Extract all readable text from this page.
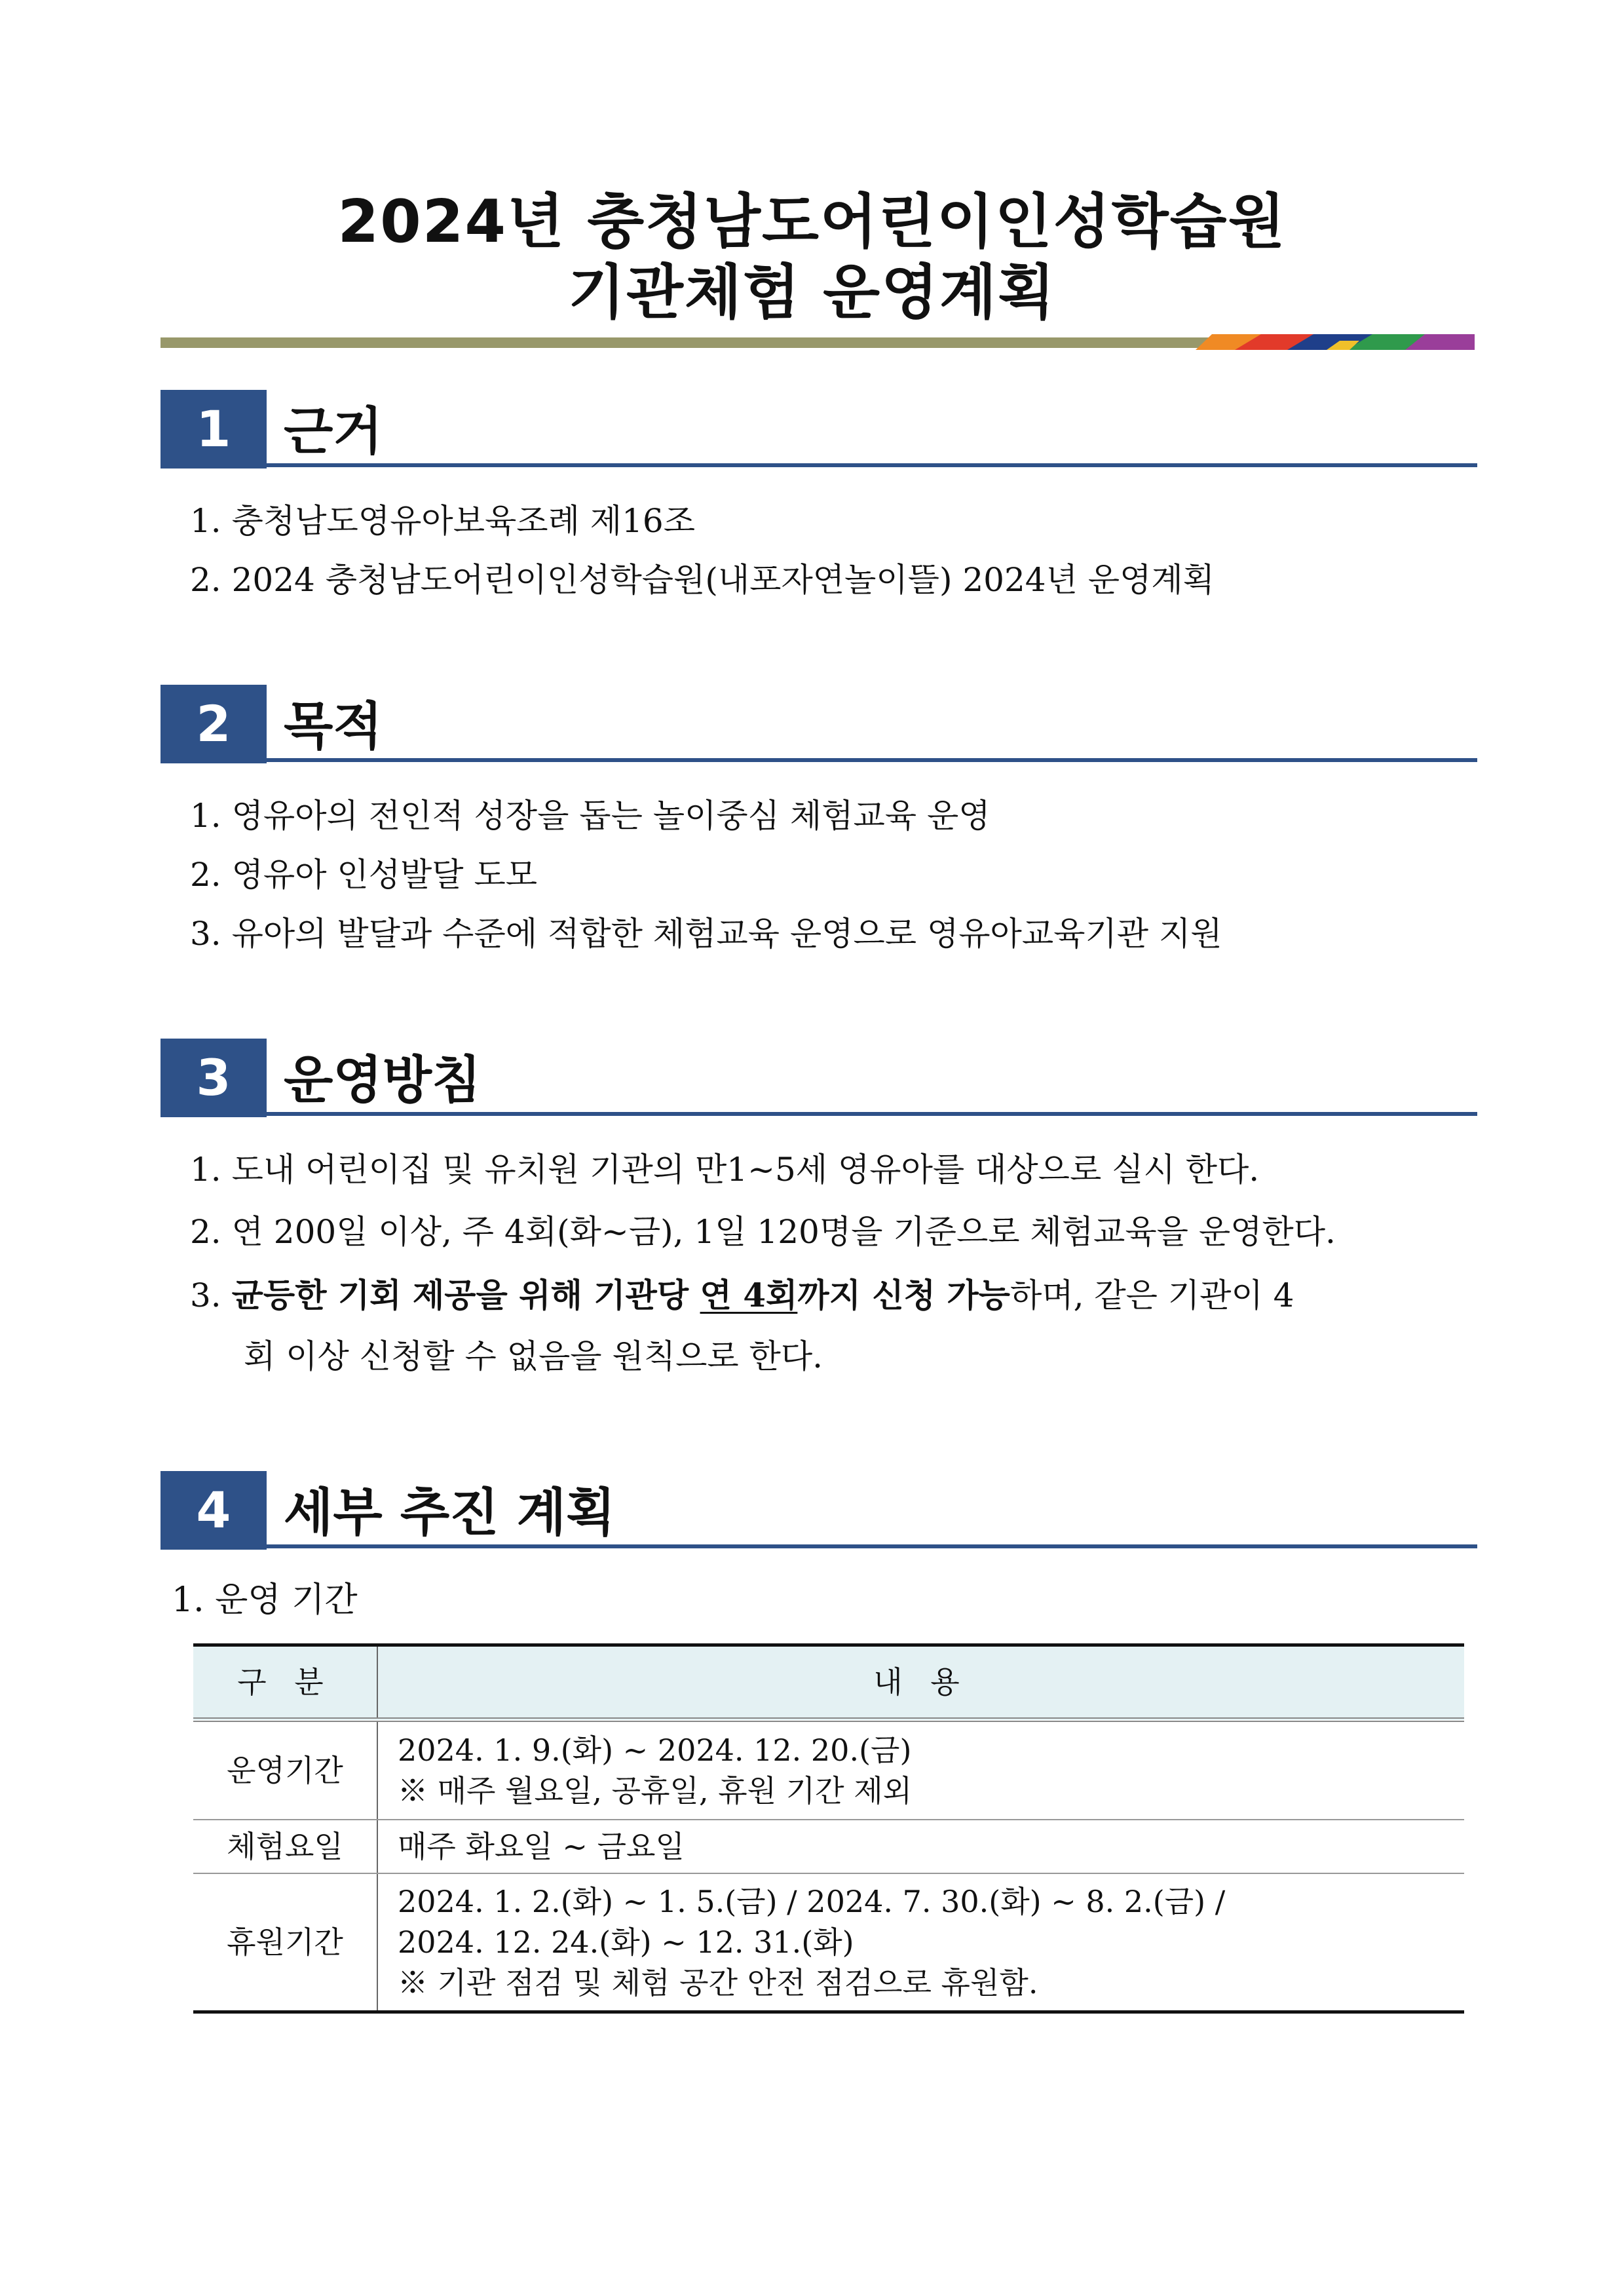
2024년 충청남도어린이인성학습원
기관체험 운영계획
1	근거
1. 충청남도영유아보육조례 제16조
2. 2024 충청남도어린이인성학습원(내포자연놀이뜰) 2024년 운영계획
2	목적
1. 영유아의 전인적 성장을 돕는 놀이중심 체험교육 운영
2. 영유아 인성발달 도모
3. 유아의 발달과 수준에 적합한 체험교육 운영으로 영유아교육기관 지원
3	운영방침
1. 도내 어린이집 및 유치원 기관의 만1~5세 영유아를 대상으로 실시 한다.
2. 연 200일 이상, 주 4회(화~금), 1일 120명을 기준으로 체험교육을 운영한다.
3. 균등한 기회 제공을 위해 기관당 연 4회까지 신청 가능하며, 같은 기관이 4
회 이상 신청할 수 없음을 원칙으로 한다.
4	세부 추진 계획
1. 운영 기간
구 분	내 용
운영기간	2024. 1. 9.(화) ~ 2024. 12. 20.(금)
※ 매주 월요일, 공휴일, 휴원 기간 제외

체험요일	매주 화요일 ~ 금요일

휴원기간	2024. 1. 2.(화) ~ 1. 5.(금) / 2024. 7. 30.(화) ~ 8. 2.(금) /
2024. 12. 24.(화) ~ 12. 31.(화)
※ 기관 점검 및 체험 공간 안전 점검으로 휴원함.
